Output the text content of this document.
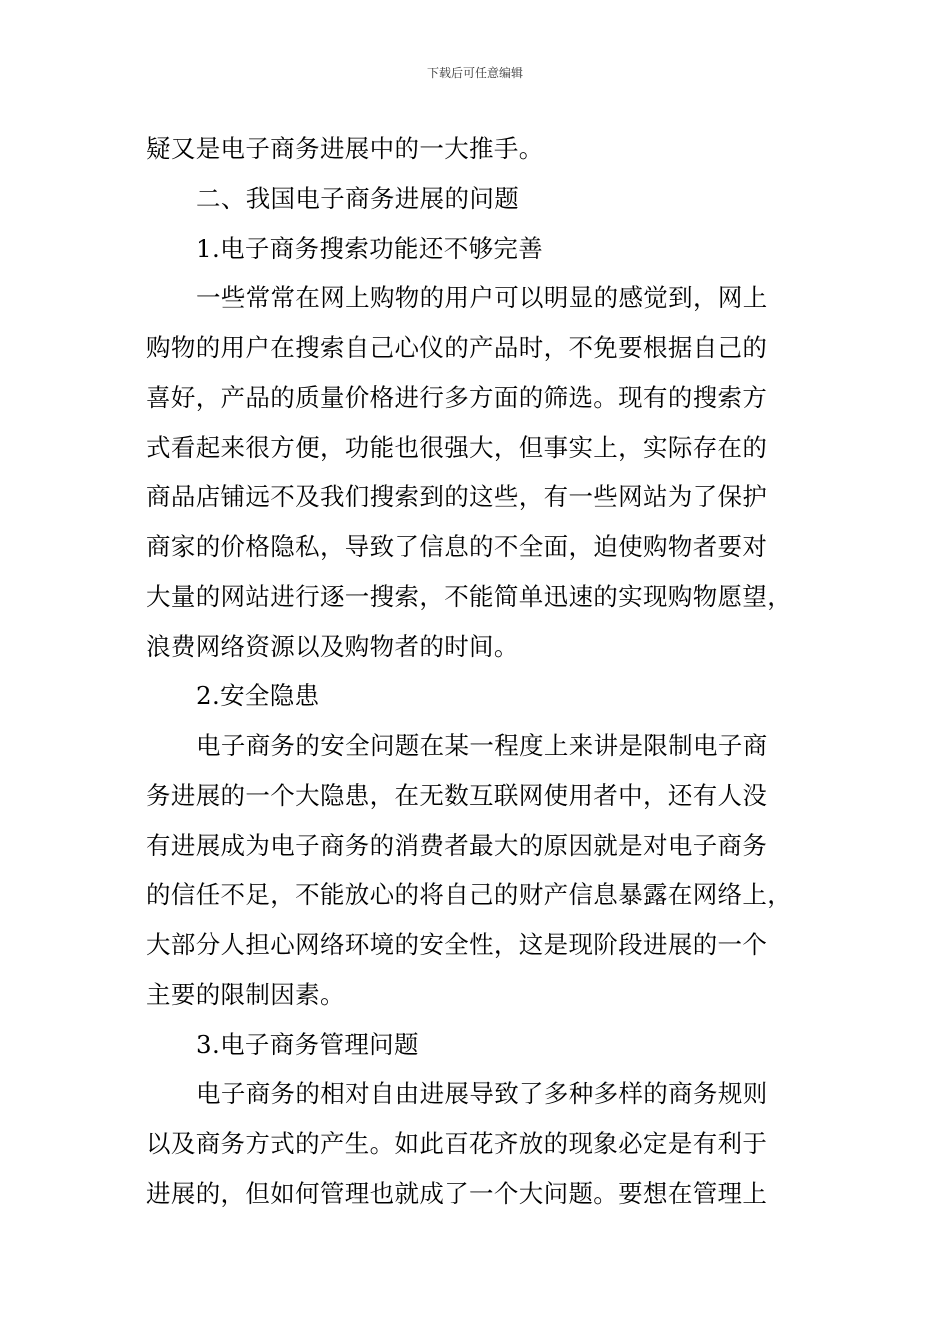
下载后可任意编辑
疑又是电子商务进展中的一大推手。
二、我国电子商务进展的问题
1.电子商务搜索功能还不够完善
一些常常在网上购物的用户可以明显的感觉到，网上
购物的用户在搜索自己心仪的产品时，不免要根据自己的
喜好，产品的质量价格进行多方面的筛选。现有的搜索方
式看起来很方便，功能也很强大，但事实上，实际存在的
商品店铺远不及我们搜索到的这些，有一些网站为了保护
商家的价格隐私，导致了信息的不全面，迫使购物者要对
大量的网站进行逐一搜索，不能简单迅速的实现购物愿望，
浪费网络资源以及购物者的时间。
2.安全隐患
电子商务的安全问题在某一程度上来讲是限制电子商
务进展的一个大隐患，在无数互联网使用者中，还有人没
有进展成为电子商务的消费者最大的原因就是对电子商务
的信任不足，不能放心的将自己的财产信息暴露在网络上，
大部分人担心网络环境的安全性，这是现阶段进展的一个
主要的限制因素。
3.电子商务管理问题
电子商务的相对自由进展导致了多种多样的商务规则
以及商务方式的产生。如此百花齐放的现象必定是有利于
进展的，但如何管理也就成了一个大问题。要想在管理上
